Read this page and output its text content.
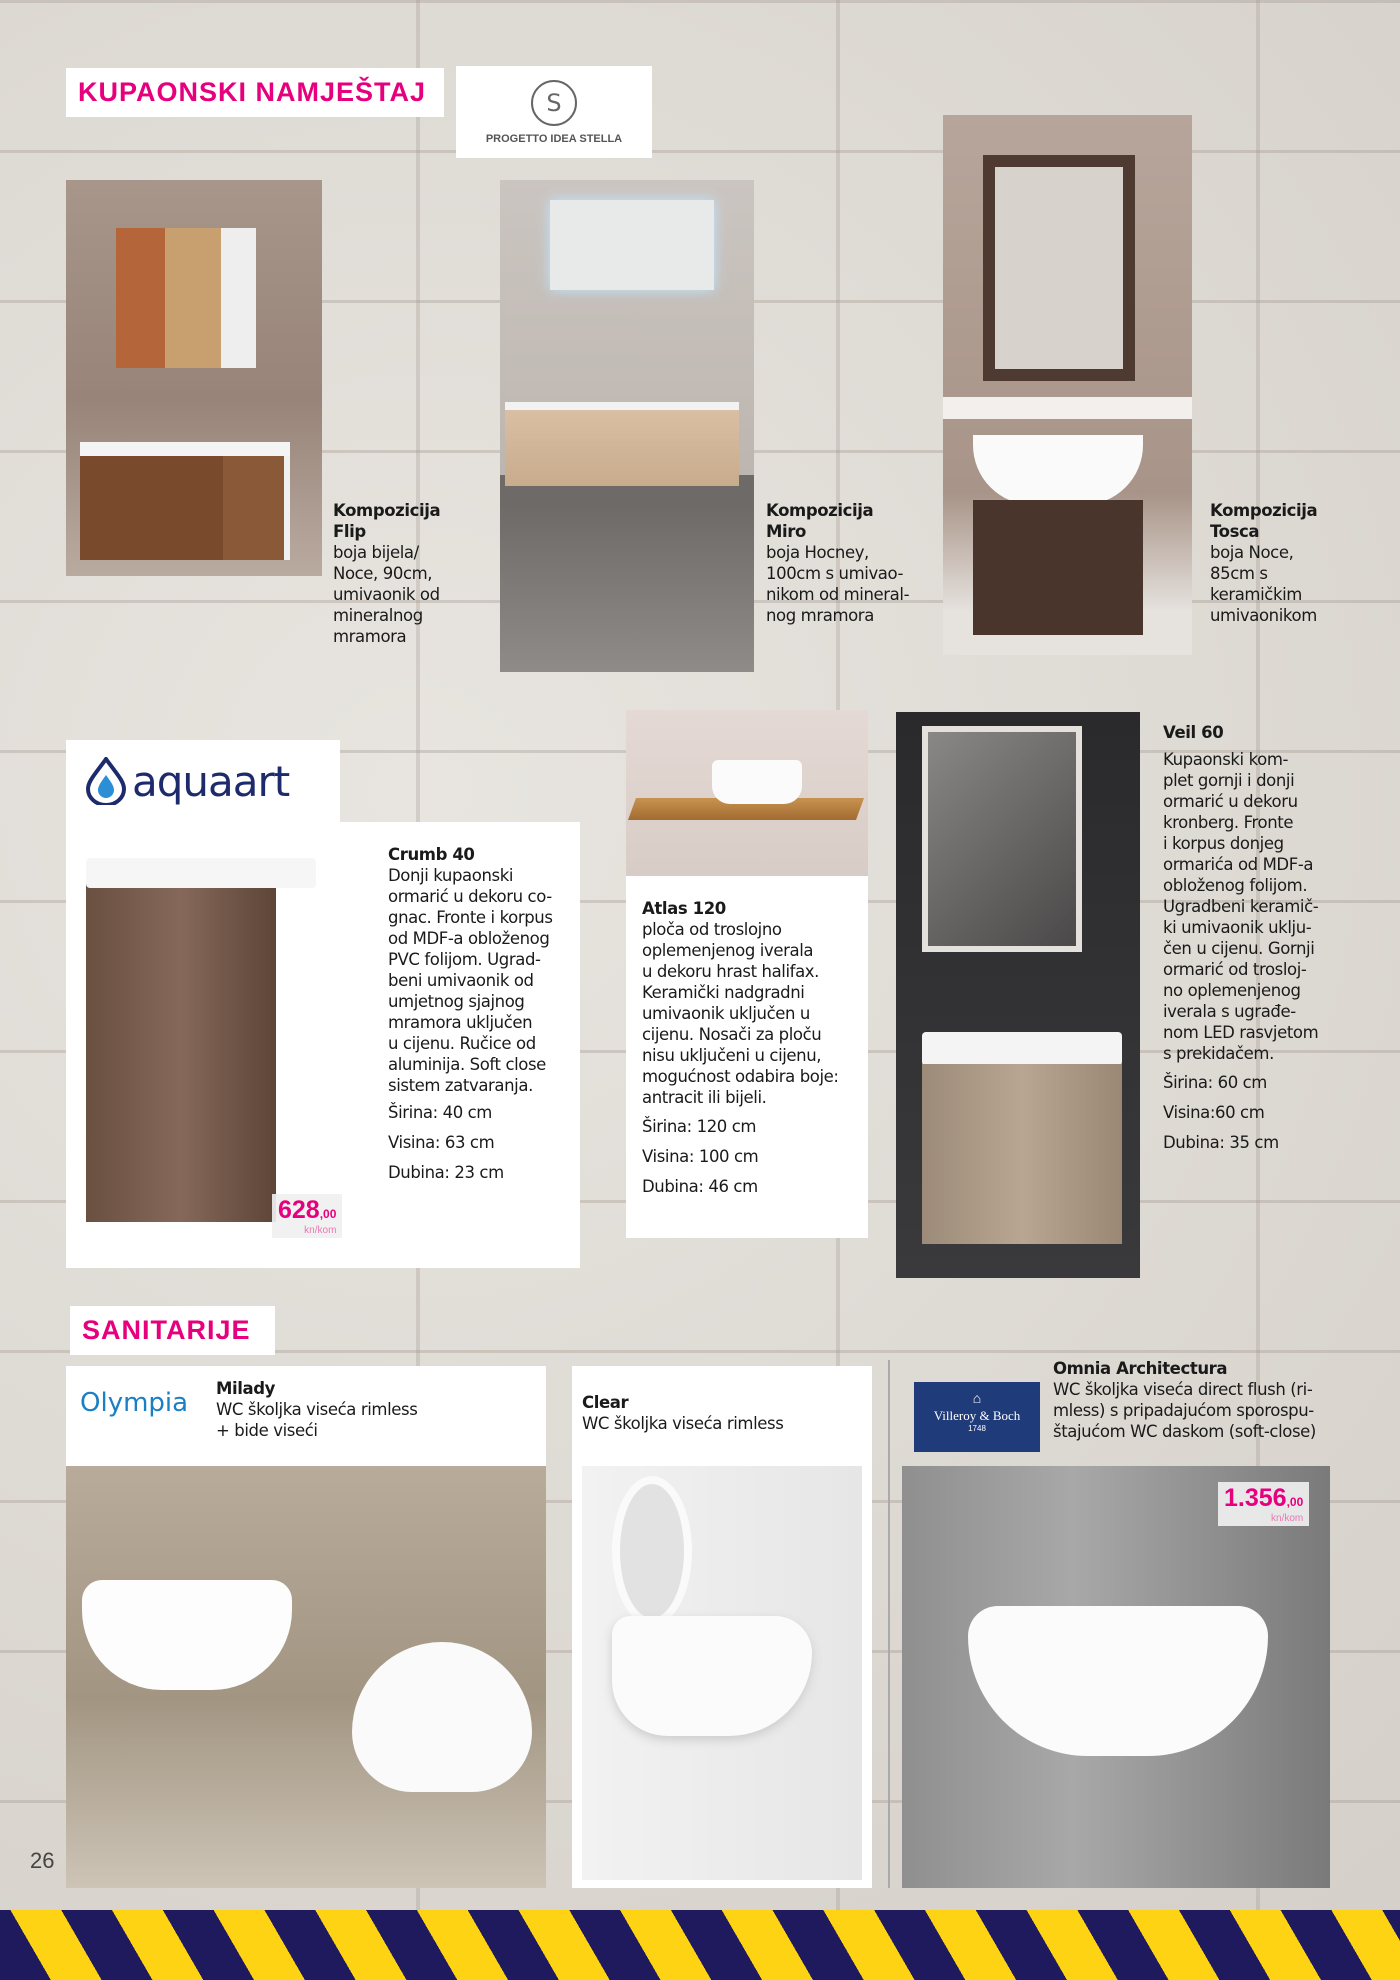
KUPAONSKI NAMJEŠTAJ	S
PROGETTO IDEA STELLA
Kompozicija
Flip
boja bijela/
Noce, 90cm,
umivaonik od
mineralnog
mramora
Kompozicija
Miro
boja Hocney,
100cm s umivao-
nikom od mineral-
nog mramora
Kompozicija
Tosca
boja Noce,
85cm s
keramičkim
umivaonikom
aquaart
628,00
kn/kom
Crumb 40
Donji kupaonski
ormarić u dekoru co-
gnac. Fronte i korpus
od MDF-a obloženog
PVC folijom. Ugrad-
beni umivaonik od
umjetnog sjajnog
mramora uključen
u cijenu. Ručice od
aluminija. Soft close
sistem zatvaranja.
Širina: 40 cm
Visina: 63 cm
Dubina: 23 cm
Atlas 120
ploča od troslojno
oplemenjenog iverala
u dekoru hrast halifax.
Keramički nadgradni
umivaonik uključen u
cijenu. Nosači za ploču
nisu uključeni u cijenu,
mogućnost odabira boje:
antracit ili bijeli.
Širina: 120 cm
Visina: 100 cm
Dubina: 46 cm
Veil 60
Kupaonski kom-
plet gornji i donji
ormarić u dekoru
kronberg. Fronte
i korpus donjeg
ormarića od MDF-a
obloženog folijom.
Ugradbeni keramič-
ki umivaonik uklju-
čen u cijenu. Gornji
ormarić od trosloj-
no oplemenjenog
iverala s ugrađe-
nom LED rasvjetom
s prekidačem.
Širina: 60 cm
Visina:60 cm
Dubina: 35 cm
SANITARIJE
Olympia Milady
WC školjka viseća rimless
+ bide viseći
Clear
WC školjka viseća rimless
Omnia Architectura
WC školjka viseća direct flush (ri-
mless) s pripadajućom sporospu-
štajućom WC daskom (soft-close)
⌂
Villeroy & Boch
1748
1.356,00
kn/kom
26
